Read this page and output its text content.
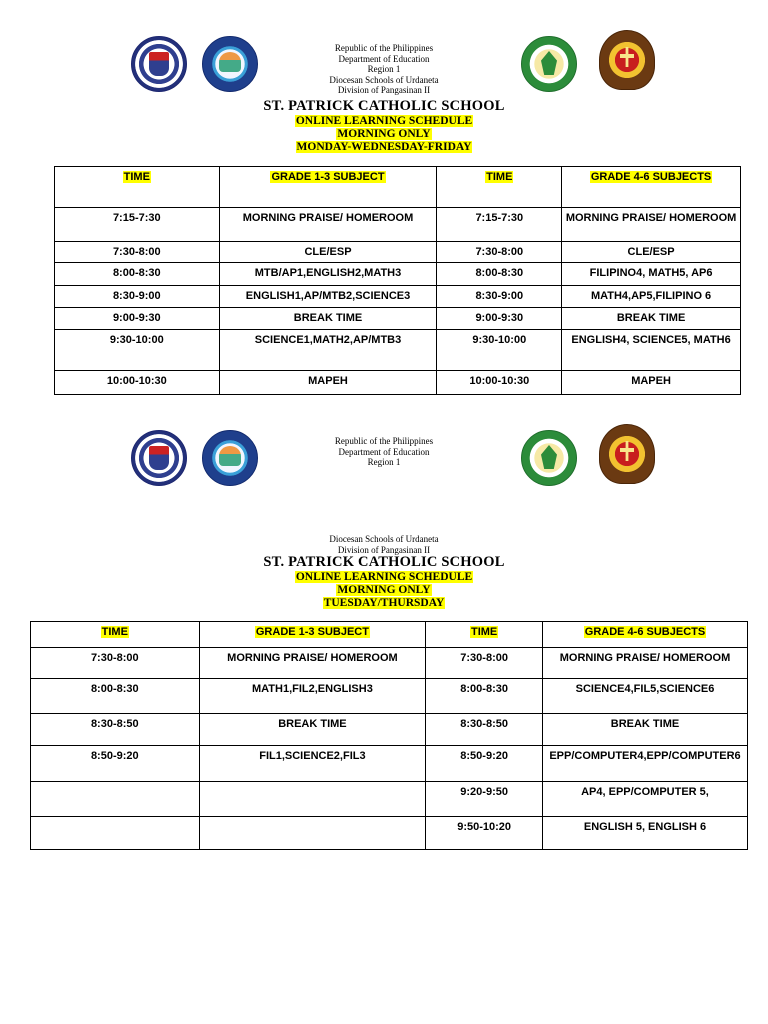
Republic of the Philippines
Department of Education
Region 1
Diocesan Schools of Urdaneta
Division of Pangasinan II
ST. PATRICK CATHOLIC SCHOOL
ONLINE LEARNING SCHEDULE
MORNING ONLY
MONDAY-WEDNESDAY-FRIDAY
TIME	GRADE 1-3 SUBJECT	TIME	GRADE 4-6 SUBJECTS
7:15-7:30	MORNING PRAISE/ HOMEROOM	7:15-7:30	MORNING PRAISE/ HOMEROOM
7:30-8:00	CLE/ESP	7:30-8:00	CLE/ESP
8:00-8:30	MTB/AP1,ENGLISH2,MATH3	8:00-8:30	FILIPINO4, MATH5, AP6
8:30-9:00	ENGLISH1,AP/MTB2,SCIENCE3	8:30-9:00	MATH4,AP5,FILIPINO 6
9:00-9:30	BREAK TIME	9:00-9:30	BREAK TIME
9:30-10:00	SCIENCE1,MATH2,AP/MTB3	9:30-10:00	ENGLISH4, SCIENCE5, MATH6
10:00-10:30	MAPEH	10:00-10:30	MAPEH
Republic of the Philippines
Department of Education
Region 1
Diocesan Schools of Urdaneta
Division of Pangasinan II
ST. PATRICK CATHOLIC SCHOOL
ONLINE LEARNING SCHEDULE
MORNING ONLY
TUESDAY/THURSDAY
TIME	GRADE 1-3 SUBJECT	TIME	GRADE 4-6 SUBJECTS
7:30-8:00	MORNING PRAISE/ HOMEROOM	7:30-8:00	MORNING PRAISE/ HOMEROOM
8:00-8:30	MATH1,FIL2,ENGLISH3	8:00-8:30	SCIENCE4,FIL5,SCIENCE6
8:30-8:50	BREAK TIME	8:30-8:50	BREAK TIME
8:50-9:20	FIL1,SCIENCE2,FIL3	8:50-9:20	EPP/COMPUTER4,EPP/COMPUTER6
		9:20-9:50	AP4, EPP/COMPUTER 5,
		9:50-10:20	ENGLISH 5, ENGLISH 6
